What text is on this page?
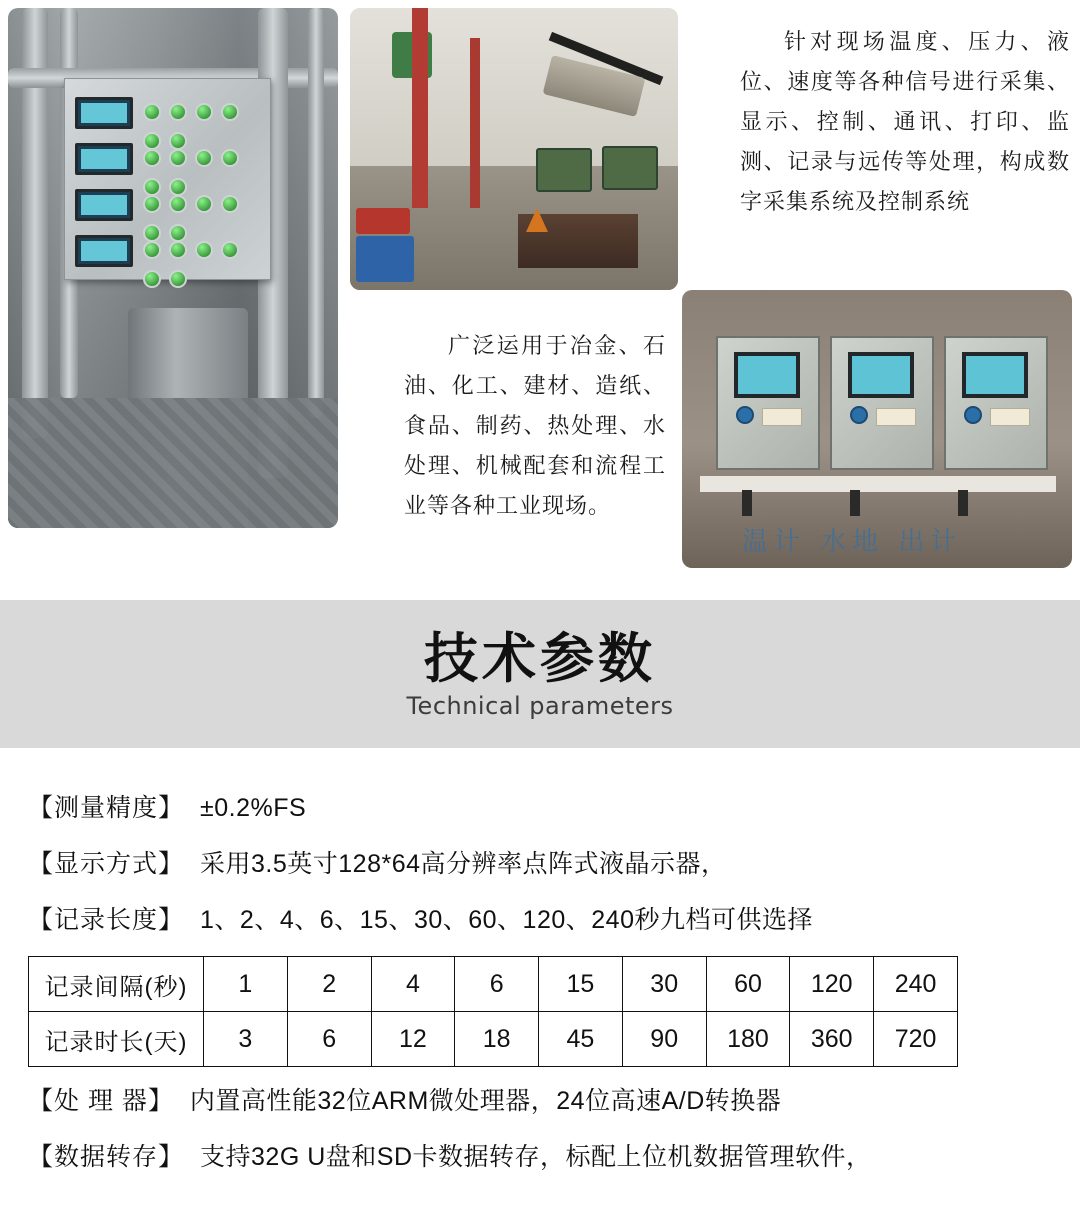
温计 水地 出计
针对现场温度、压力、液位、速度等各种信号进行采集、显示、控制、通讯、打印、监测、记录与远传等处理，构成数字采集系统及控制系统
广泛运用于冶金、石油、化工、建材、造纸、食品、制药、热处理、水处理、机械配套和流程工业等各种工业现场。
技术参数
Technical parameters
【测量精度】 ±0.2%FS
【显示方式】 采用3.5英寸128*64高分辨率点阵式液晶示器，
【记录长度】 1、2、4、6、15、30、60、120、240秒九档可供选择
记录间隔(秒)	1	2	4	6	15	30	60	120	240
记录时长(天)	3	6	12	18	45	90	180	360	720
【处 理 器】 内置高性能32位ARM微处理器，24位高速A/D转换器
【数据转存】 支持32G U盘和SD卡数据转存，标配上位机数据管理软件，
